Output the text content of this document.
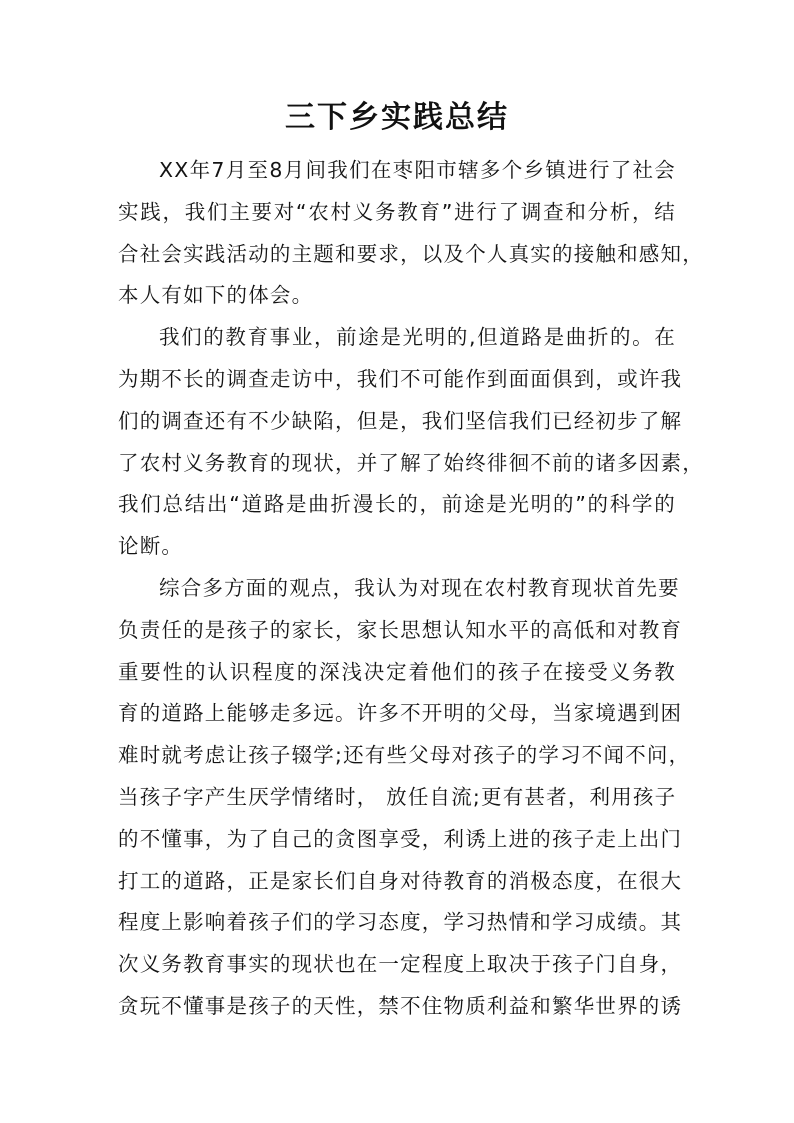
三下乡实践总结
XX年7月至8月间我们在枣阳市辖多个乡镇进行了社会
实践，我们主要对“农村义务教育”进行了调查和分析，结
合社会实践活动的主题和要求，以及个人真实的接触和感知，
本人有如下的体会。
我们的教育事业，前途是光明的,但道路是曲折的。在
为期不长的调查走访中，我们不可能作到面面俱到，或许我
们的调查还有不少缺陷，但是，我们坚信我们已经初步了解
了农村义务教育的现状，并了解了始终徘徊不前的诸多因素，
我们总结出“道路是曲折漫长的，前途是光明的”的科学的
论断。
综合多方面的观点，我认为对现在农村教育现状首先要
负责任的是孩子的家长，家长思想认知水平的高低和对教育
重要性的认识程度的深浅决定着他们的孩子在接受义务教
育的道路上能够走多远。许多不开明的父母，当家境遇到困
难时就考虑让孩子辍学;还有些父母对孩子的学习不闻不问，
当孩子字产生厌学情绪时， 放任自流;更有甚者，利用孩子
的不懂事，为了自己的贪图享受，利诱上进的孩子走上出门
打工的道路，正是家长们自身对待教育的消极态度，在很大
程度上影响着孩子们的学习态度，学习热情和学习成绩。其
次义务教育事实的现状也在一定程度上取决于孩子门自身，
贪玩不懂事是孩子的天性，禁不住物质利益和繁华世界的诱
